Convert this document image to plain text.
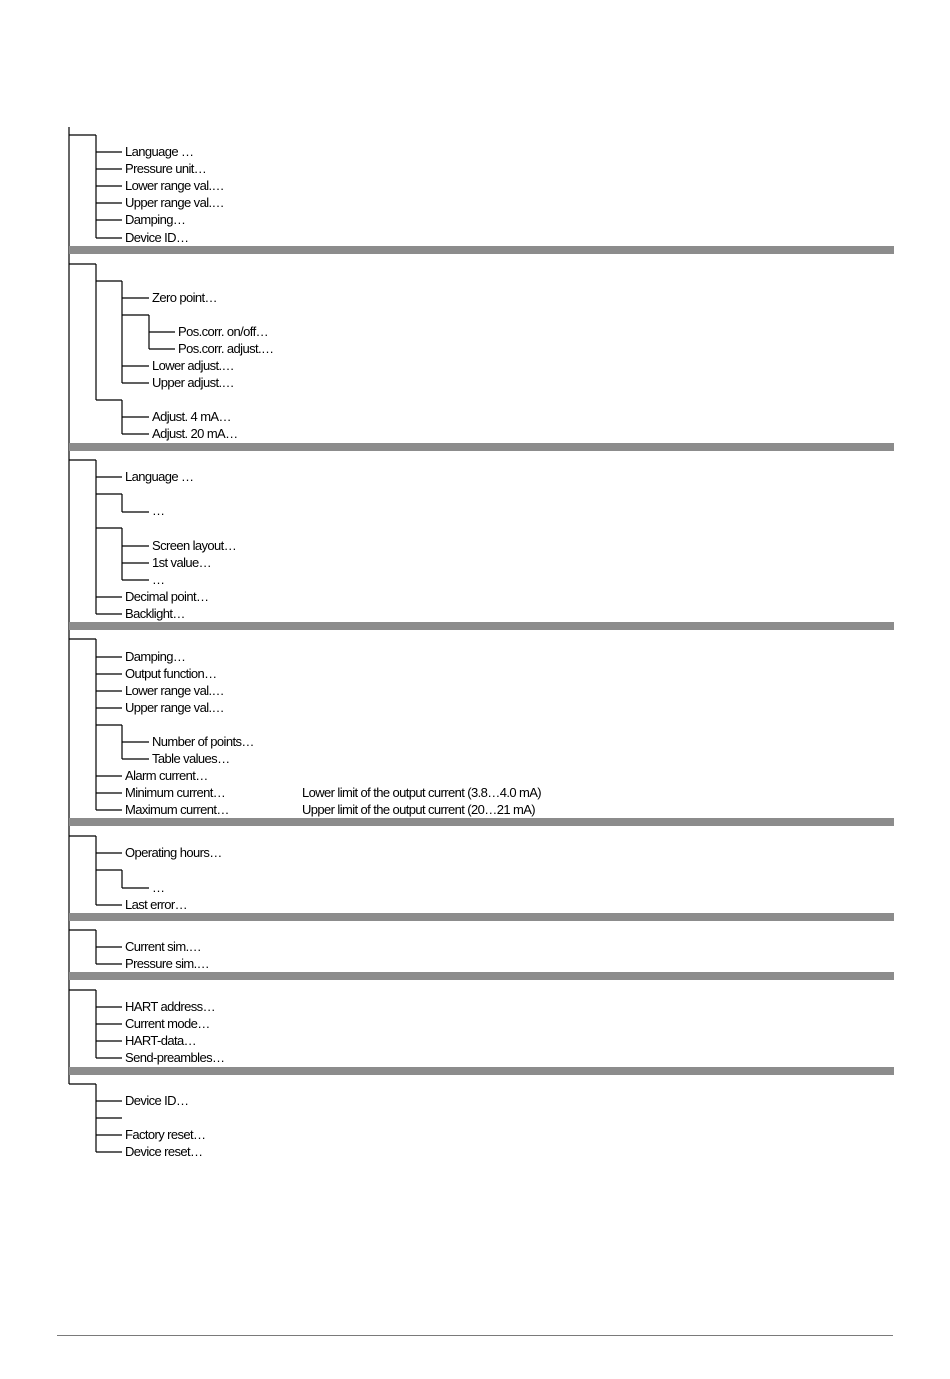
Language …
Pressure unit…
Lower range val.…
Upper range val.…
Damping…
Device ID…
Zero point…
Pos.corr. on/off…
Pos.corr. adjust.…
Lower adjust.…
Upper adjust.…
Adjust. 4 mA…
Adjust. 20 mA…
Language …
…
Screen layout…
1st value…
…
Decimal point…
Backlight…
Damping…
Output function…
Lower range val.…
Upper range val.…
Number of points…
Table values…
Alarm current…
Minimum current…	Lower limit of the output current (3.8…4.0 mA)
Maximum current…	Upper limit of the output current (20…21 mA)
Operating hours…
…
Last error…
Current sim.…
Pressure sim.…
HART address…
Current mode…
HART-data…
Send-preambles…
Device ID…
Factory reset…
Device reset…
